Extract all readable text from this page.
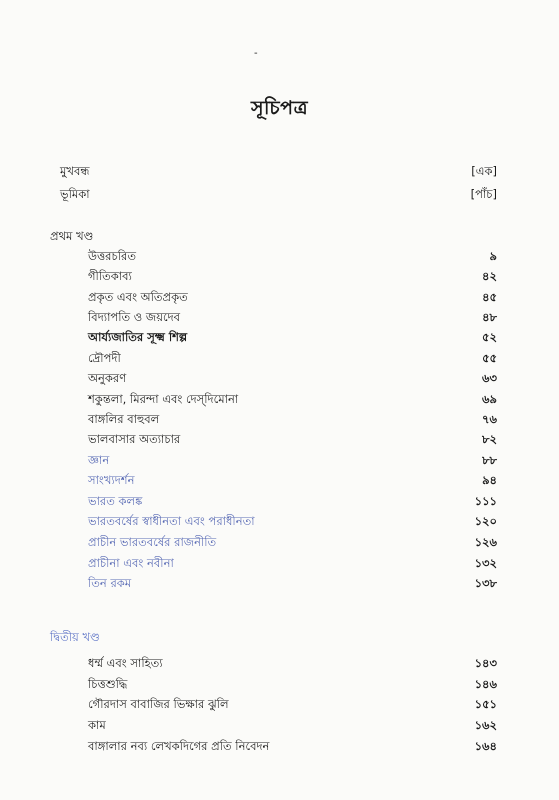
-
সূচিপত্র
মুখবন্ধ	[এক]
ভূমিকা	[পাঁচ]
প্রথম খণ্ড
উত্তরচরিত	৯
গীতিকাব্য	৪২
প্রকৃত এবং অতিপ্রকৃত	৪৫
বিদ্যাপতি ও জয়দেব	৪৮
আর্য্যজাতির সূক্ষ্ম শিল্প	৫২
দ্রৌপদী	৫৫
অনুকরণ	৬৩
শকুন্তলা, মিরন্দা এবং দেস্‌দিমোনা	৬৯
বাঙ্গলির বাহুবল	৭৬
ভালবাসার অত্যাচার	৮২
জ্ঞান	৮৮
সাংখ্যদর্শন	৯৪
ভারত কলঙ্ক	১১১
ভারতবর্ষের স্বাধীনতা এবং পরাধীনতা	১২০
প্রাচীন ভারতবর্ষের রাজনীতি	১২৬
প্রাচীনা এবং নবীনা	১৩২
তিন রকম	১৩৮
দ্বিতীয় খণ্ড
ধর্ম্ম এবং সাহিত্য	১৪৩
চিত্তশুদ্ধি	১৪৬
গৌরদাস বাবাজির ভিক্ষার ঝুলি	১৫১
কাম	১৬২
বাঙ্গালার নব্য লেখকদিগের প্রতি নিবেদন	১৬৪
